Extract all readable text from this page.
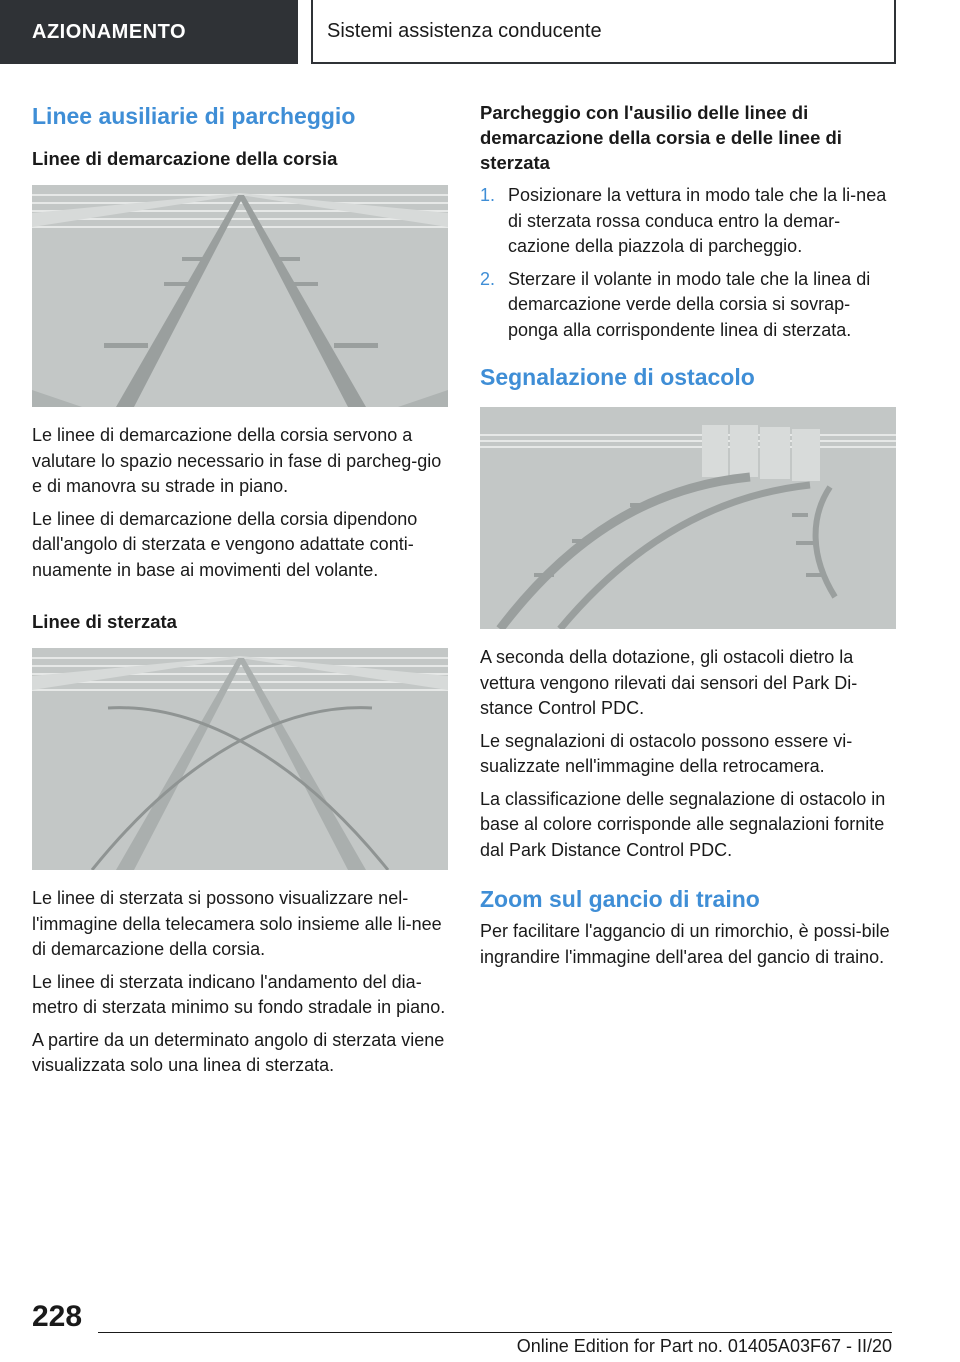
AZIONAMENTO	Sistemi assistenza conducente
Linee ausiliarie di parcheggio
Linee di demarcazione della corsia

Le linee di demarcazione della corsia servono a valutare lo spazio necessario in fase di parcheg-gio e di manovra su strade in piano.

Le linee di demarcazione della corsia dipendono dall'angolo di sterzata e vengono adattate conti-nuamente in base ai movimenti del volante.

Linee di sterzata

Le linee di sterzata si possono visualizzare nel-l'immagine della telecamera solo insieme alle li-nee di demarcazione della corsia.

Le linee di sterzata indicano l'andamento del dia-metro di sterzata minimo su fondo stradale in piano.

A partire da un determinato angolo di sterzata viene visualizzata solo una linea di sterzata.

Parcheggio con l'ausilio delle linee di demarcazione della corsia e delle linee di sterzata
1. Posizionare la vettura in modo tale che la li-nea di sterzata rossa conduca entro la demar-cazione della piazzola di parcheggio.
2. Sterzare il volante in modo tale che la linea di demarcazione verde della corsia si sovrap-ponga alla corrispondente linea di sterzata.
Segnalazione di ostacolo

A seconda della dotazione, gli ostacoli dietro la vettura vengono rilevati dai sensori del Park Di-stance Control PDC.

Le segnalazioni di ostacolo possono essere vi-sualizzate nell'immagine della retrocamera.

La classificazione delle segnalazione di ostacolo in base al colore corrisponde alle segnalazioni fornite dal Park Distance Control PDC.

Zoom sul gancio di traino

Per facilitare l'aggancio di un rimorchio, è possi-bile ingrandire l'immagine dell'area del gancio di traino.

228
Online Edition for Part no. 01405A03F67 - II/20
